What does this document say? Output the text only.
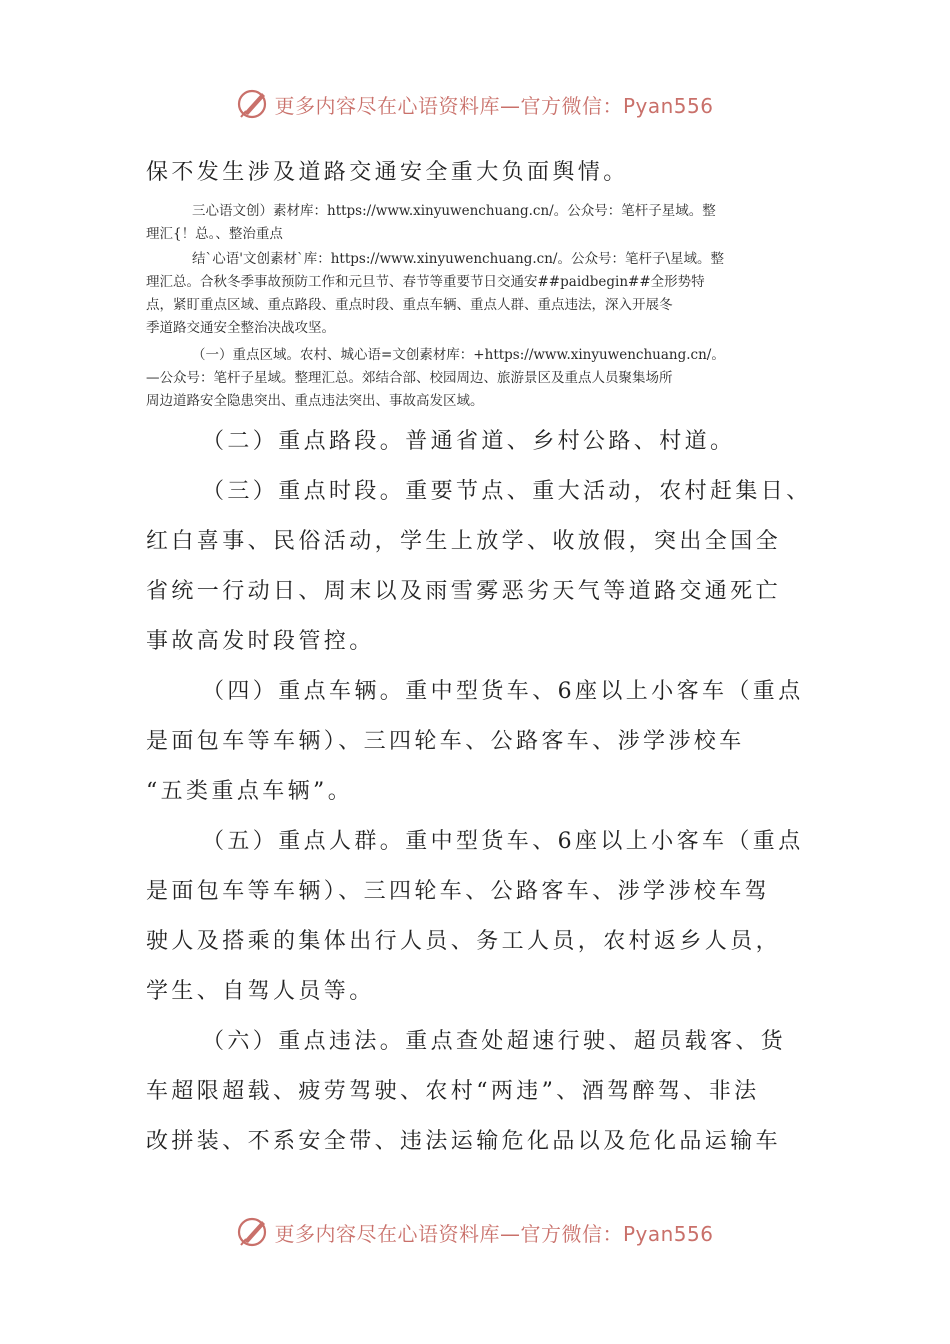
更多内容尽在心语资料库—官方微信：Pyan556

保不发生涉及道路交通安全重大负面舆情。

三心语文创）素材库：https://www.xinyuwenchuang.cn/。公众号：笔杆子星域。整
理汇{！总。、整治重点
结`心语'文创素材`库：https://www.xinyuwenchuang.cn/。公众号：笔杆子\星域。整
理汇总。合秋冬季事故预防工作和元旦节、春节等重要节日交通安##paidbegin##全形势特
点，紧盯重点区域、重点路段、重点时段、重点车辆、重点人群、重点违法，深入开展冬
季道路交通安全整治决战攻坚。
（一）重点区域。农村、城心语=文创素材库：+https://www.xinyuwenchuang.cn/。
—公众号：笔杆子星域。整理汇总。郊结合部、校园周边、旅游景区及重点人员聚集场所
周边道路安全隐患突出、重点违法突出、事故高发区域。

（二）重点路段。普通省道、乡村公路、村道。

（三）重点时段。重要节点、重大活动，农村赶集日、

红白喜事、民俗活动，学生上放学、收放假，突出全国全

省统一行动日、周末以及雨雪雾恶劣天气等道路交通死亡

事故高发时段管控。

（四）重点车辆。重中型货车、6座以上小客车（重点

是面包车等车辆）、三四轮车、公路客车、涉学涉校车

“五类重点车辆”。

（五）重点人群。重中型货车、6座以上小客车（重点

是面包车等车辆）、三四轮车、公路客车、涉学涉校车驾

驶人及搭乘的集体出行人员、务工人员，农村返乡人员，

学生、自驾人员等。

（六）重点违法。重点查处超速行驶、超员载客、货

车超限超载、疲劳驾驶、农村“两违”、酒驾醉驾、非法

改拼装、不系安全带、违法运输危化品以及危化品运输车

更多内容尽在心语资料库—官方微信：Pyan556
